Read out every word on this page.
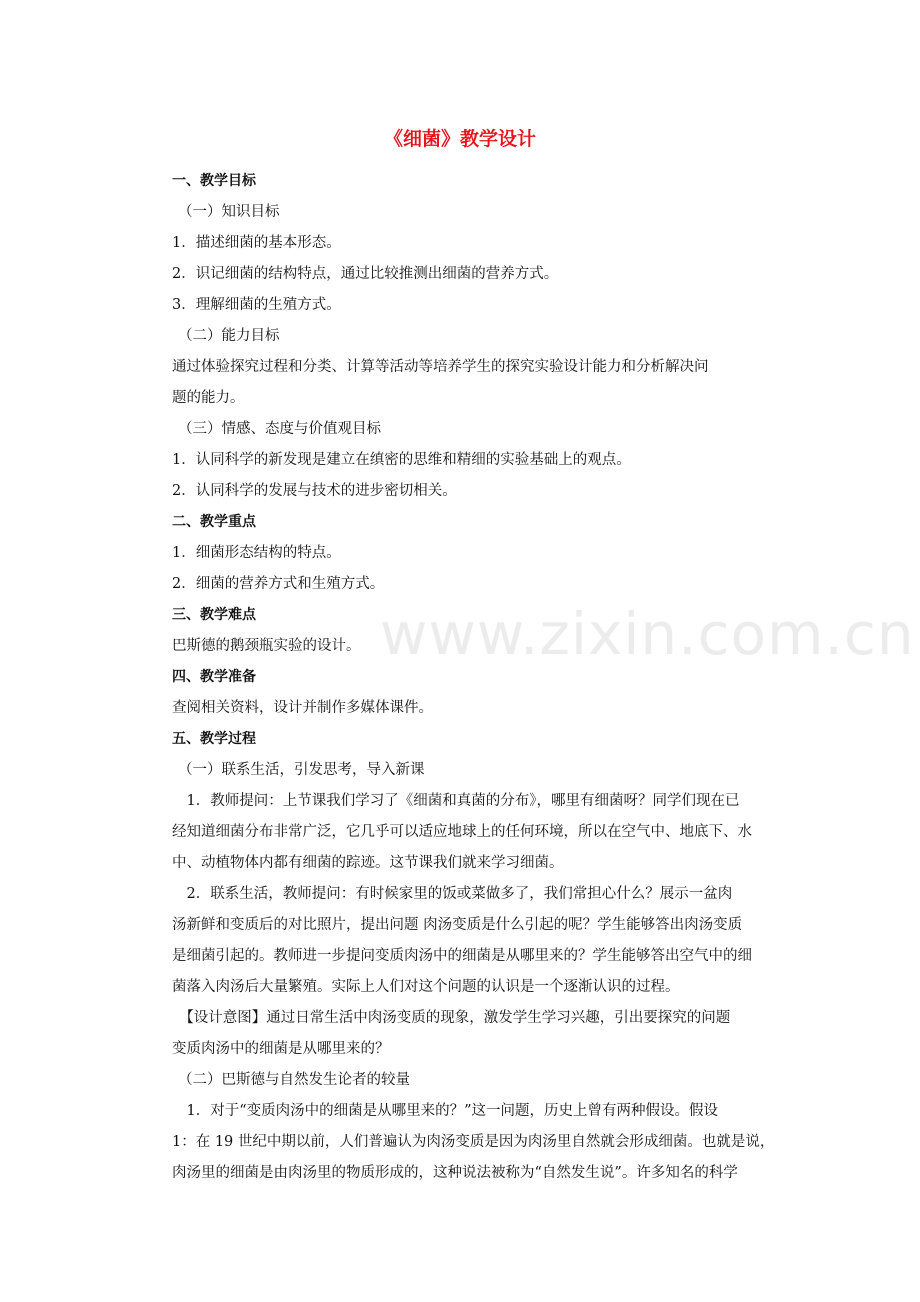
www.zixin.com.cn
《细菌》教学设计
一、教学目标
（一）知识目标
1．描述细菌的基本形态。
2．识记细菌的结构特点，通过比较推测出细菌的营养方式。
3．理解细菌的生殖方式。
（二）能力目标
通过体验探究过程和分类、计算等活动等培养学生的探究实验设计能力和分析解决问
题的能力。
（三）情感、态度与价值观目标
1．认同科学的新发现是建立在缜密的思维和精细的实验基础上的观点。
2．认同科学的发展与技术的进步密切相关。
二、教学重点
1．细菌形态结构的特点。
2．细菌的营养方式和生殖方式。
三、教学难点
巴斯德的鹅颈瓶实验的设计。
四、教学准备
查阅相关资料，设计并制作多媒体课件。
五、教学过程
（一）联系生活，引发思考，导入新课
　1．教师提问：上节课我们学习了《细菌和真菌的分布》，哪里有细菌呀？同学们现在已
经知道细菌分布非常广泛，它几乎可以适应地球上的任何环境，所以在空气中、地底下、水
中、动植物体内都有细菌的踪迹。这节课我们就来学习细菌。
　2．联系生活，教师提问：有时候家里的饭或菜做多了，我们常担心什么？展示一盆肉
汤新鲜和变质后的对比照片，提出问题 肉汤变质是什么引起的呢？学生能够答出肉汤变质
是细菌引起的。教师进一步提问变质肉汤中的细菌是从哪里来的？学生能够答出空气中的细
菌落入肉汤后大量繁殖。实际上人们对这个问题的认识是一个逐渐认识的过程。
　【设计意图】通过日常生活中肉汤变质的现象，激发学生学习兴趣，引出要探究的问题
变质肉汤中的细菌是从哪里来的？
（二）巴斯德与自然发生论者的较量
　1．对于“变质肉汤中的细菌是从哪里来的？”这一问题，历史上曾有两种假设。假设
1：在 19 世纪中期以前，人们普遍认为肉汤变质是因为肉汤里自然就会形成细菌。也就是说，
肉汤里的细菌是由肉汤里的物质形成的，这种说法被称为“自然发生说”。许多知名的科学
